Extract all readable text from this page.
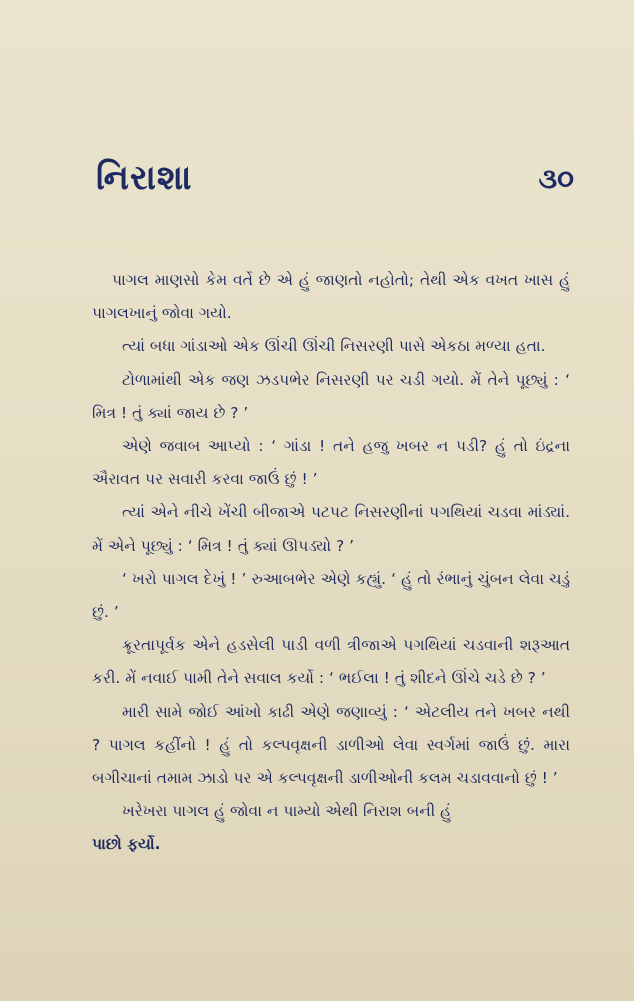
નિરાશા	૩૦

પાગલ માણસો કેમ વર્તે છે એ હું જાણતો નહોતો; તેથી એક વખત ખાસ હું પાગલખાનું જોવા ગયો.

ત્યાં બધા ગાંડાઓ એક ઊંચી ઊંચી નિસરણી પાસે એકઠા મળ્યા હતા.

ટોળામાંથી એક જણ ઝડપભેર નિસરણી પર ચડી ગયો. મેં તેને પૂછ્યું : ‘ મિત્ર ! તું ક્યાં જાય છે ? ’

એણે જવાબ આપ્યો : ‘ ગાંડા ! તને હજુ ખબર ન પડી? હું તો ઇંદ્રના ઐરાવત પર સવારી કરવા જાઉં છું ! ’

ત્યાં એને નીચે ખેંચી બીજાએ પટપટ નિસરણીનાં પગથિયાં ચડવા માંડ્યાં. મેં એને પૂછ્યું : ‘ મિત્ર ! તું ક્યાં ઊપડ્યો ? ’

‘ ખરો પાગલ દેખું ! ’ રુઆબભેર એણે કહ્યું. ‘ હું તો રંભાનું ચુંબન લેવા ચડું છું. ’

ક્રૂરતાપૂર્વક એને હડસેલી પાડી વળી ત્રીજાએ પગથિયાં ચડવાની શરૂઆત કરી. મેં નવાઈ પામી તેને સવાલ કર્યો : ‘ ભઈલા ! તું શીદને ઊંચે ચડે છે ? ’

મારી સામે જોઈ આંખો કાઢી એણે જણાવ્યું : ‘ એટલીય તને ખબર નથી ? પાગલ કહીંનો ! હું તો કલ્પવૃક્ષની ડાળીઓ લેવા સ્વર્ગમાં જાઉં છું. મારા બગીચાનાં તમામ ઝાડો પર એ કલ્પવૃક્ષની ડાળીઓની કલમ ચડાવવાનો છું ! ’

ખરેખરા પાગલ હું જોવા ન પામ્યો એથી નિરાશ બની હું

પાછો ફર્યો.
